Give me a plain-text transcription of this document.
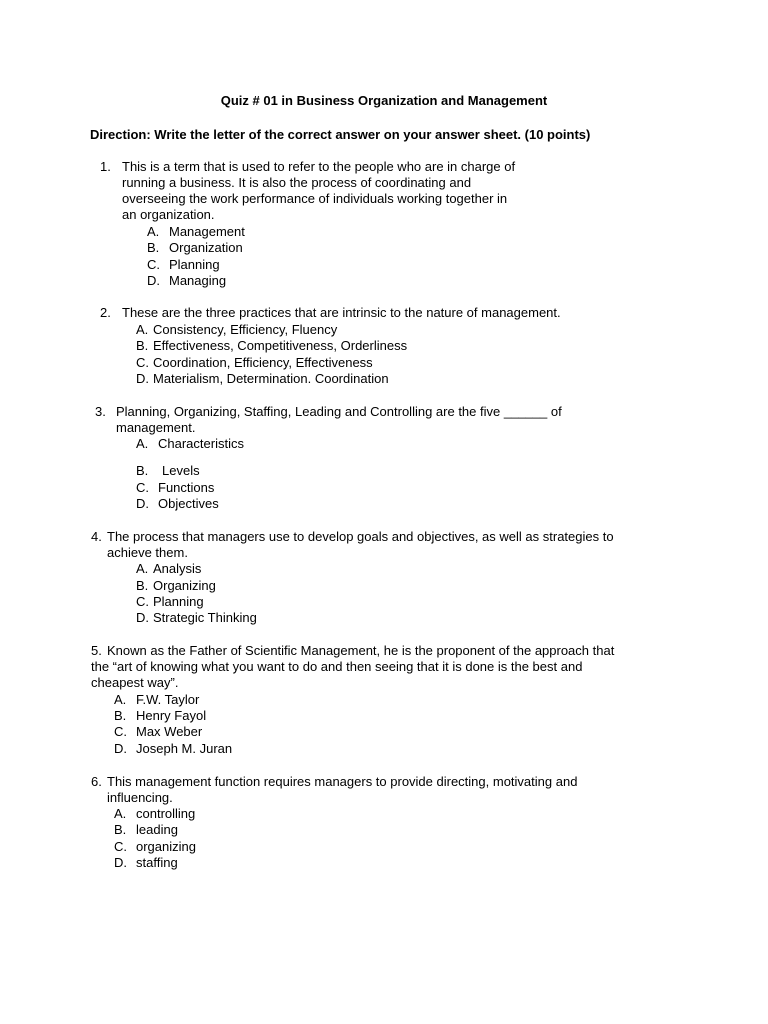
Quiz # 01 in Business Organization and Management
Direction: Write the letter of the correct answer on your answer sheet. (10 points)
1. This is a term that is used to refer to the people who are in charge of
running a business. It is also the process of coordinating and
overseeing the work performance of individuals working together in
an organization.
A. Management
B. Organization
C. Planning
D. Managing
2. These are the three practices that are intrinsic to the nature of management.
A. Consistency, Efficiency, Fluency
B. Effectiveness, Competitiveness, Orderliness
C. Coordination, Efficiency, Effectiveness
D. Materialism, Determination. Coordination
3. Planning, Organizing, Staffing, Leading and Controlling are the five ______ of
management.
A. Characteristics
B. Levels
C. Functions
D. Objectives
4. The process that managers use to develop goals and objectives, as well as strategies to
achieve them.
A. Analysis
B. Organizing
C. Planning
D. Strategic Thinking
5. Known as the Father of Scientific Management, he is the proponent of the approach that
the “art of knowing what you want to do and then seeing that it is done is the best and
cheapest way”.
A. F.W. Taylor
B. Henry Fayol
C. Max Weber
D. Joseph M. Juran
6. This management function requires managers to provide directing, motivating and
influencing.
A. controlling
B. leading
C. organizing
D. staffing
